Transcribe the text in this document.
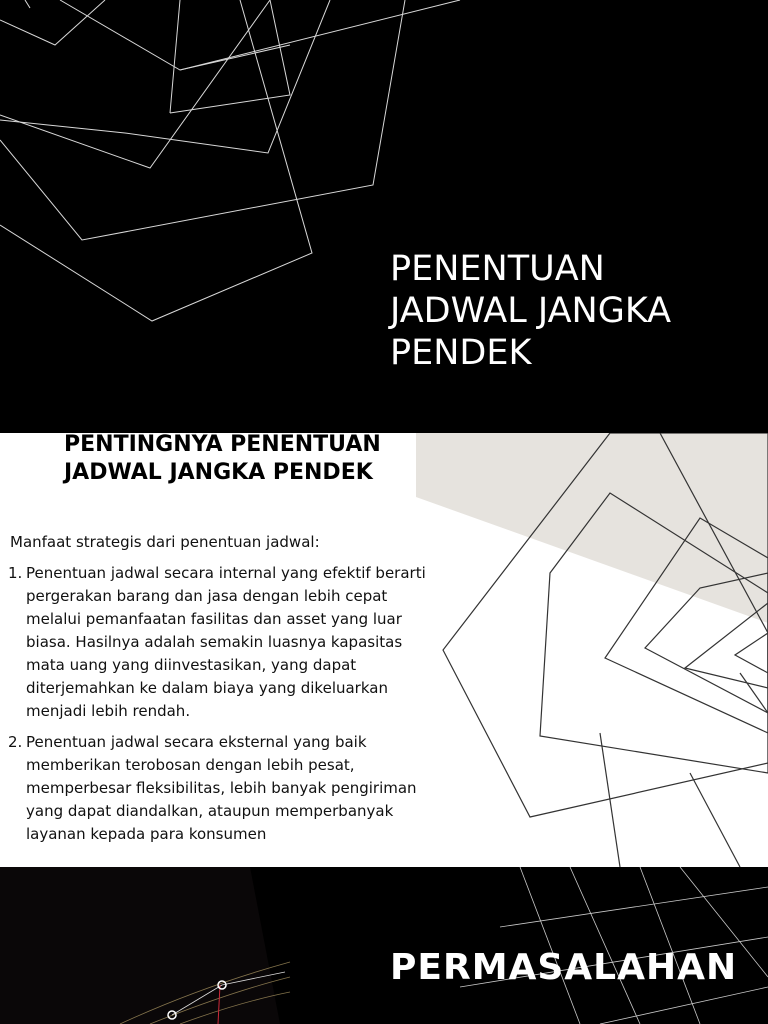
PENENTUAN JADWAL JANGKA PENDEK
PENTINGNYA PENENTUAN JADWAL JANGKA PENDEK

Manfaat strategis dari penentuan jadwal:

1. Penentuan jadwal secara internal yang efektif berarti pergerakan barang dan jasa dengan lebih cepat melalui pemanfaatan fasilitas dan asset yang luar biasa. Hasilnya adalah semakin luasnya kapasitas mata uang yang diinvestasikan, yang dapat diterjemahkan ke dalam biaya yang dikeluarkan menjadi lebih rendah.
2. Penentuan jadwal secara eksternal yang baik memberikan terobosan dengan lebih pesat, memperbesar fleksibilitas, lebih banyak pengiriman yang dapat diandalkan, ataupun memperbanyak layanan kepada para konsumen
PERMASALAHAN
